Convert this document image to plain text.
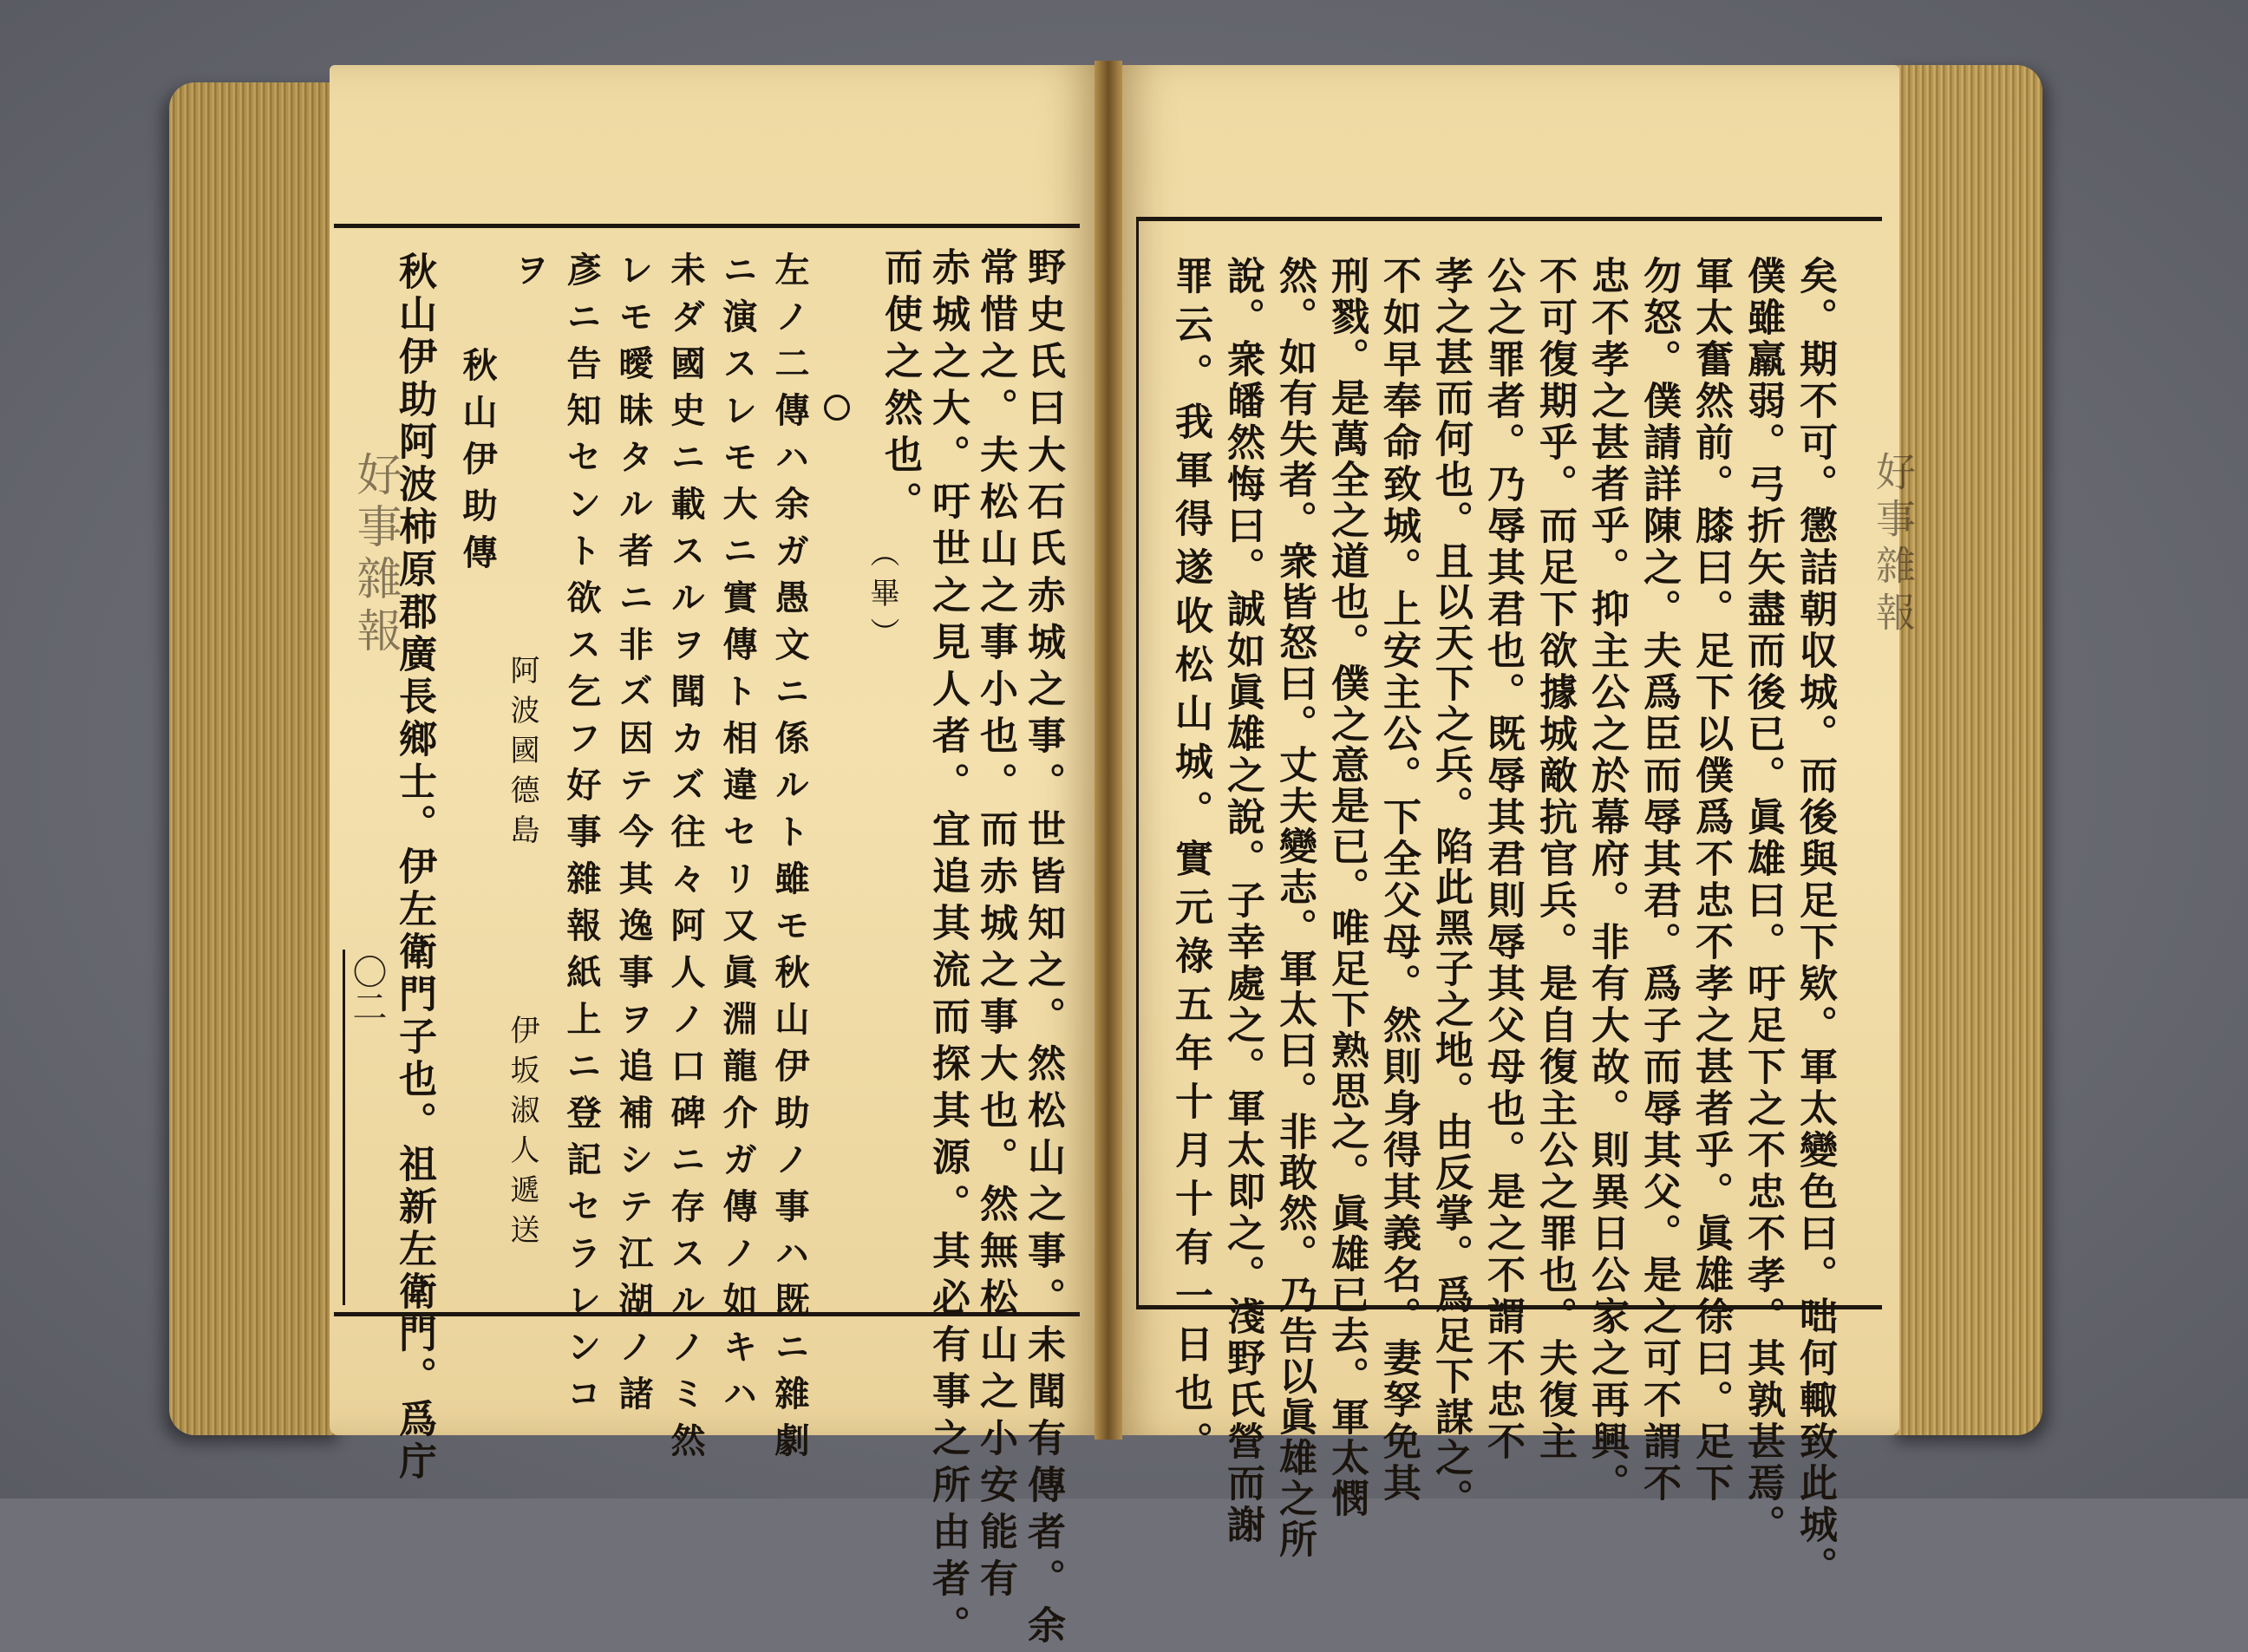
好事雜報	好事雜報
〇二	野史氏曰大石氏赤城之事。世皆知之。然松山之事。未聞有傳者。余
常惜之。夫松山之事小也。而赤城之事大也。然無松山之小安能有
赤城之大。吁世之見人者。宜追其流而探其源。其必有事之所由者。
而使之然也。
（畢）
左ノ二傳ハ余ガ愚文ニ係ルト雖モ秋山伊助ノ事ハ既ニ雜劇
ニ演スレモ大ニ實傳ト相違セリ又眞淵龍介ガ傳ノ如キハ
未ダ國史ニ載スルヲ聞カズ往々阿人ノ口碑ニ存スルノミ然
レモ曖昧タル者ニ非ズ因テ今其逸事ヲ追補シテ江湖ノ諸
彥ニ告知セント欲ス乞フ好事雜報紙上ニ登記セラレンコ
ヲ
秋山伊助傳
阿波國德島
伊坂淑人遞送
秋山伊助阿波柿原郡廣長鄉士。伊左衛門子也。祖新左衛門。爲庁	矣。期不可。懲詰朝収城。而後與足下欵。軍太變色曰。咄何輙致此城。
僕雖羸弱。弓折矢盡而後已。眞雄曰。吁足下之不忠不孝。其孰甚焉。
軍太奮然前。膝曰。足下以僕爲不忠不孝之甚者乎。眞雄徐曰。足下
勿怒。僕請詳陳之。夫爲臣而辱其君。爲子而辱其父。是之可不謂不
忠不孝之甚者乎。抑主公之於幕府。非有大故。則異日公家之再興。
不可復期乎。而足下欲據城敵抗官兵。是自復主公之罪也。夫復主
公之罪者。乃辱其君也。既辱其君則辱其父母也。是之不謂不忠不
孝之甚而何也。且以天下之兵。陷此黑子之地。由反掌。爲足下謀之。
不如早奉命致城。上安主公。下全父母。然則身得其義名。妻孥免其
刑戮。是萬全之道也。僕之意是已。唯足下熟思之。眞雄已去。軍太憫
然。如有失者。衆皆怒曰。丈夫變志。軍太曰。非敢然。乃告以眞雄之所
說。衆皤然悔曰。誠如眞雄之說。子幸處之。軍太即之。淺野氏營而謝
罪云。我軍得遂收松山城。實元祿五年十月十有一日也。
